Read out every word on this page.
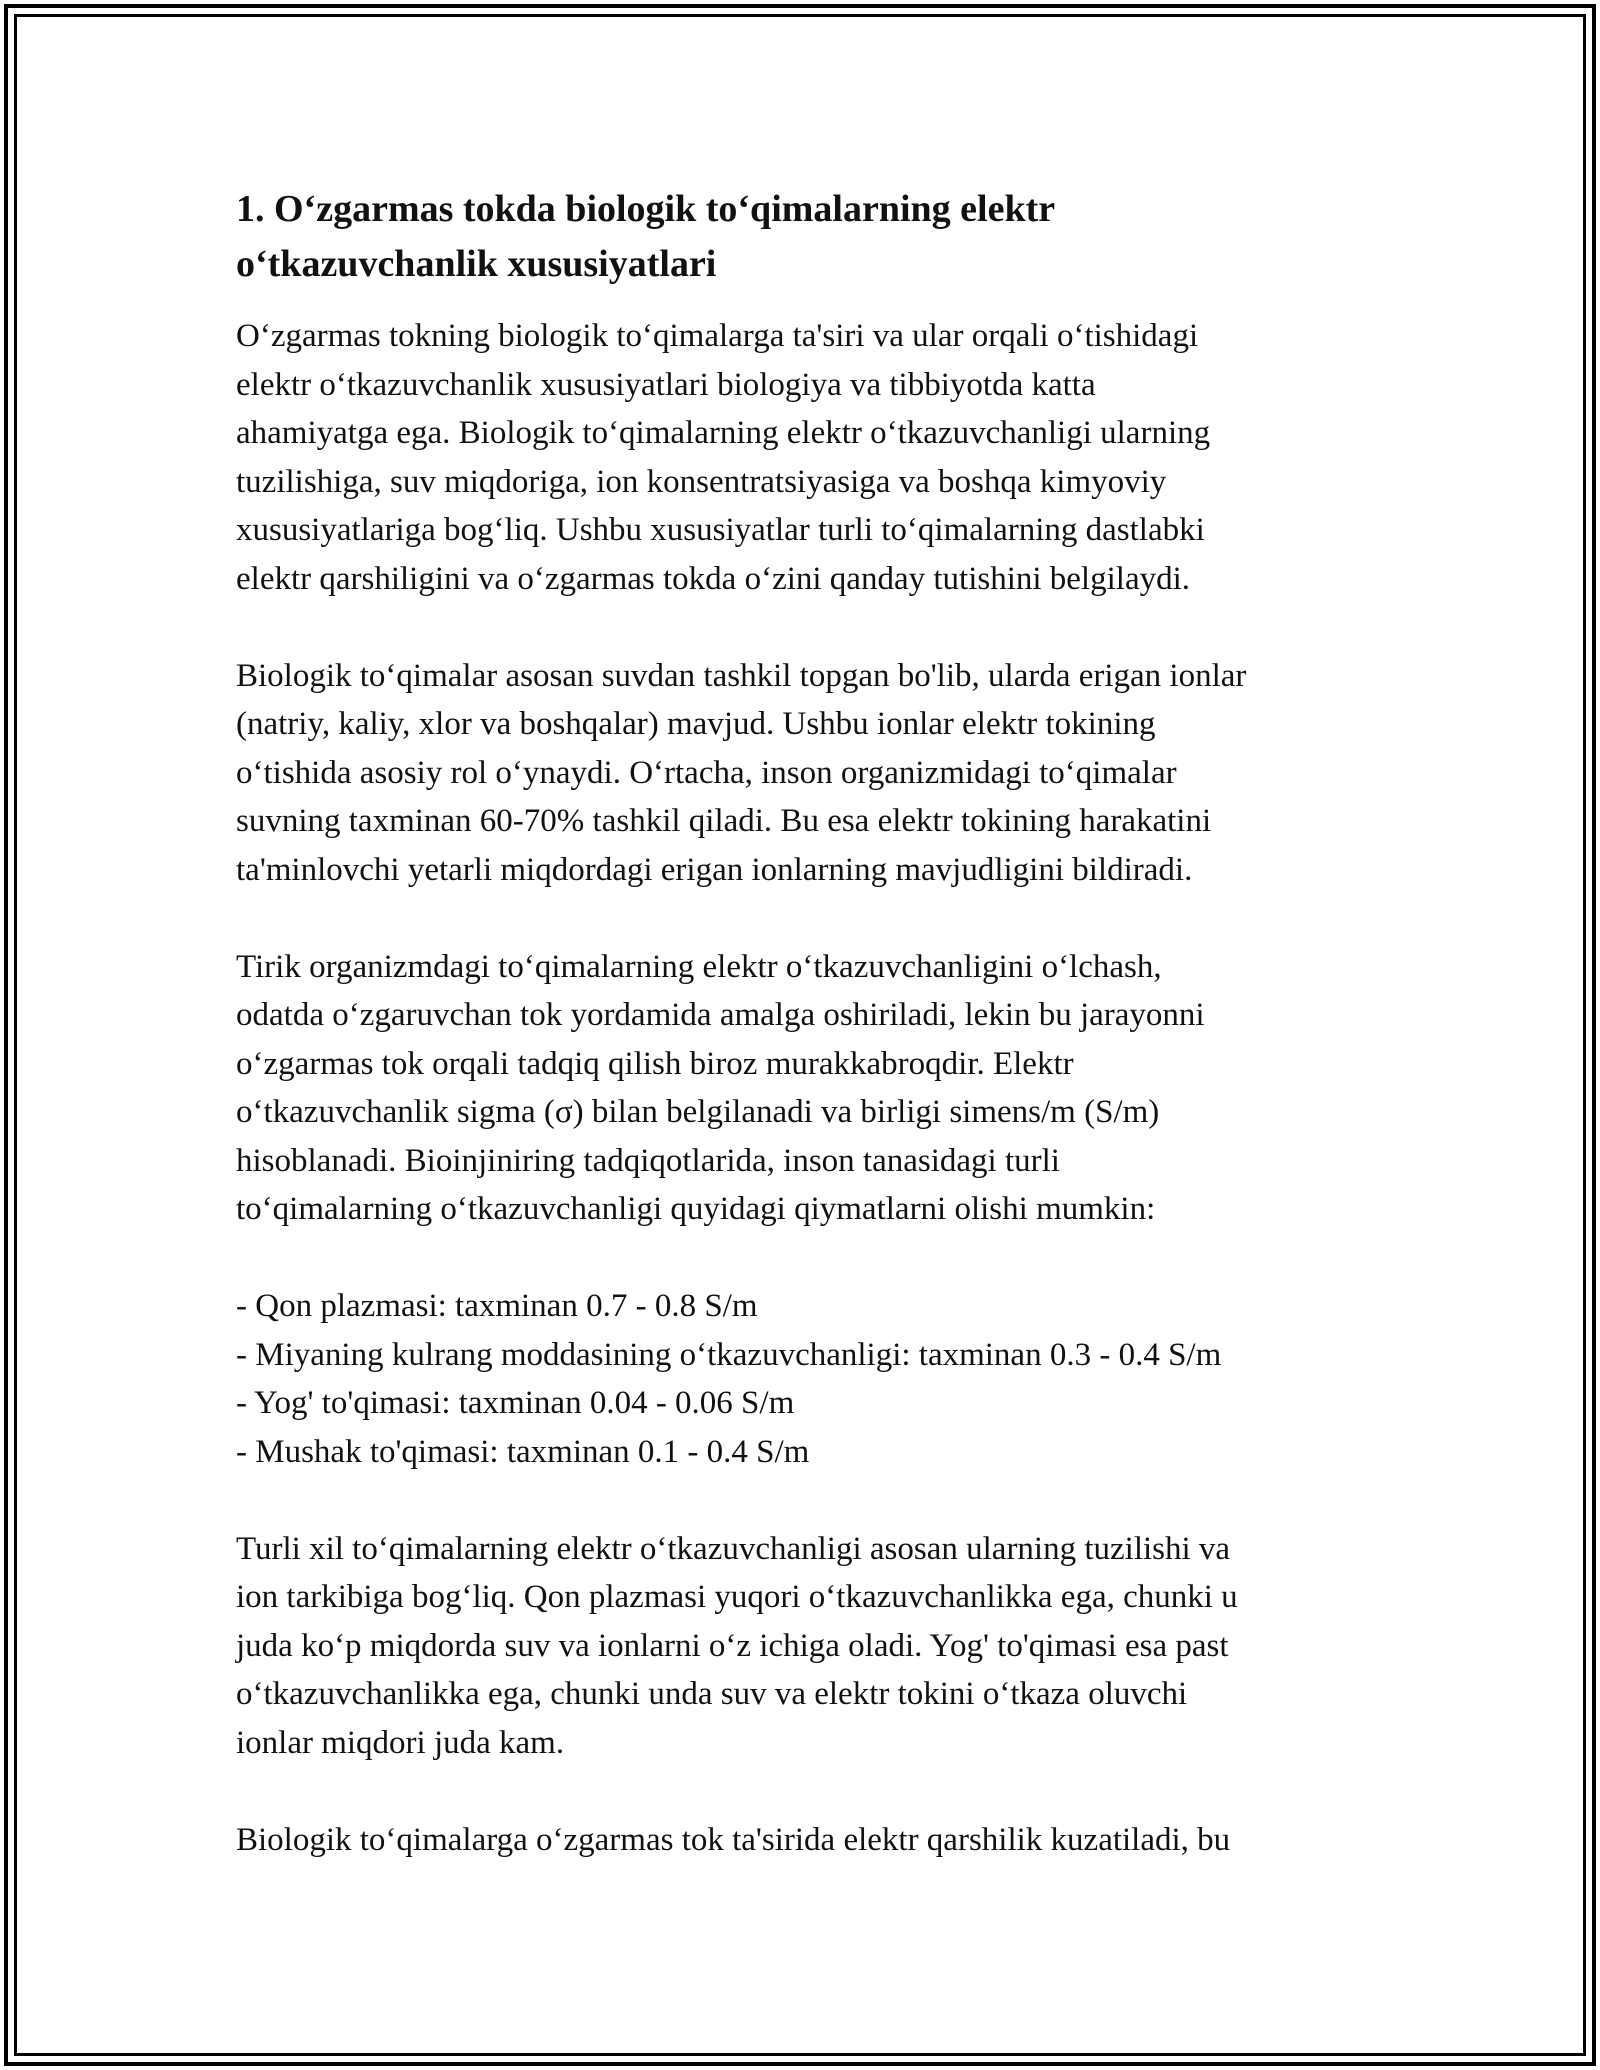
1. O‘zgarmas tokda biologik to‘qimalarning elektr
o‘tkazuvchanlik xususiyatlari

O‘zgarmas tokning biologik to‘qimalarga ta'siri va ular orqali o‘tishidagi
elektr o‘tkazuvchanlik xususiyatlari biologiya va tibbiyotda katta
ahamiyatga ega. Biologik to‘qimalarning elektr o‘tkazuvchanligi ularning
tuzilishiga, suv miqdoriga, ion konsentratsiyasiga va boshqa kimyoviy
xususiyatlariga bog‘liq. Ushbu xususiyatlar turli to‘qimalarning dastlabki
elektr qarshiligini va o‘zgarmas tokda o‘zini qanday tutishini belgilaydi.

Biologik to‘qimalar asosan suvdan tashkil topgan bo'lib, ularda erigan ionlar
(natriy, kaliy, xlor va boshqalar) mavjud. Ushbu ionlar elektr tokining
o‘tishida asosiy rol o‘ynaydi. O‘rtacha, inson organizmidagi to‘qimalar
suvning taxminan 60-70% tashkil qiladi. Bu esa elektr tokining harakatini
ta'minlovchi yetarli miqdordagi erigan ionlarning mavjudligini bildiradi.

Tirik organizmdagi to‘qimalarning elektr o‘tkazuvchanligini o‘lchash,
odatda o‘zgaruvchan tok yordamida amalga oshiriladi, lekin bu jarayonni
o‘zgarmas tok orqali tadqiq qilish biroz murakkabroqdir. Elektr
o‘tkazuvchanlik sigma (σ) bilan belgilanadi va birligi simens/m (S/m)
hisoblanadi. Bioinjiniring tadqiqotlarida, inson tanasidagi turli
to‘qimalarning o‘tkazuvchanligi quyidagi qiymatlarni olishi mumkin:

- Qon plazmasi: taxminan 0.7 - 0.8 S/m
- Miyaning kulrang moddasining o‘tkazuvchanligi: taxminan 0.3 - 0.4 S/m
- Yog' to'qimasi: taxminan 0.04 - 0.06 S/m
- Mushak to'qimasi: taxminan 0.1 - 0.4 S/m

Turli xil to‘qimalarning elektr o‘tkazuvchanligi asosan ularning tuzilishi va
ion tarkibiga bog‘liq. Qon plazmasi yuqori o‘tkazuvchanlikka ega, chunki u
juda ko‘p miqdorda suv va ionlarni o‘z ichiga oladi. Yog' to'qimasi esa past
o‘tkazuvchanlikka ega, chunki unda suv va elektr tokini o‘tkaza oluvchi
ionlar miqdori juda kam.

Biologik to‘qimalarga o‘zgarmas tok ta'sirida elektr qarshilik kuzatiladi, bu
